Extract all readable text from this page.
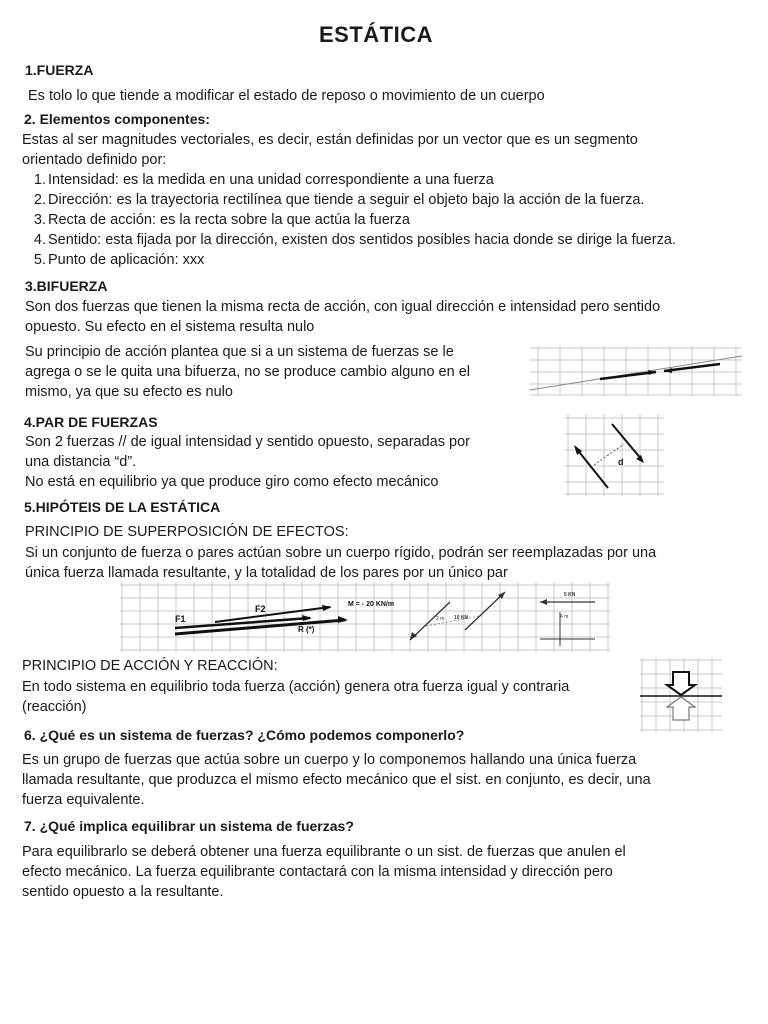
ESTÁTICA
1.FUERZA
Es tolo lo que tiende a modificar el estado de reposo o movimiento de un cuerpo
2. Elementos componentes:
Estas al ser magnitudes vectoriales, es decir, están definidas por un vector que es un segmento
orientado definido por:
1. Intensidad: es la medida en una unidad correspondiente a una fuerza
2. Dirección: es la trayectoria rectilínea que tiende a seguir el objeto bajo la acción de la fuerza.
3. Recta de acción: es la recta sobre la que actúa la fuerza
4. Sentido: esta fijada por la dirección, existen dos sentidos posibles hacia donde se dirige la fuerza.
5. Punto de aplicación: xxx
3.BIFUERZA
Son dos fuerzas que tienen la misma recta de acción, con igual dirección e intensidad pero sentido
opuesto. Su efecto en el sistema resulta nulo
Su principio de acción plantea que si a un sistema de fuerzas se le
agrega o se le quita una bifuerza, no se produce cambio alguno en el
mismo, ya que su efecto es nulo
4.PAR DE FUERZAS
Son 2 fuerzas // de igual intensidad y sentido opuesto, separadas por
una distancia “d”.
No está en equilibrio ya que produce giro como efecto mecánico
d
5.HIPÓTEIS DE LA ESTÁTICA
PRINCIPIO DE SUPERPOSICIÓN DE EFECTOS:
Si un conjunto de fuerza o pares actúan sobre un cuerpo rígido, podrán ser reemplazadas por una
única fuerza llamada resultante, y la totalidad de los pares por un único par
F1
F2
R (*)
M = - 20 KN/m
2 m 10 KN
5 KN
4 m
PRINCIPIO DE ACCIÓN Y REACCIÓN:
En todo sistema en equilibrio toda fuerza (acción) genera otra fuerza igual y contraria
(reacción)
6. ¿Qué es un sistema de fuerzas? ¿Cómo podemos componerlo?
Es un grupo de fuerzas que actúa sobre un cuerpo y lo componemos hallando una única fuerza
llamada resultante, que produzca el mismo efecto mecánico que el sist. en conjunto, es decir, una
fuerza equivalente.
7. ¿Qué implica equilibrar un sistema de fuerzas?
Para equilibrarlo se deberá obtener una fuerza equilibrante o un sist. de fuerzas que anulen el
efecto mecánico. La fuerza equilibrante contactará con la misma intensidad y dirección pero
sentido opuesto a la resultante.
